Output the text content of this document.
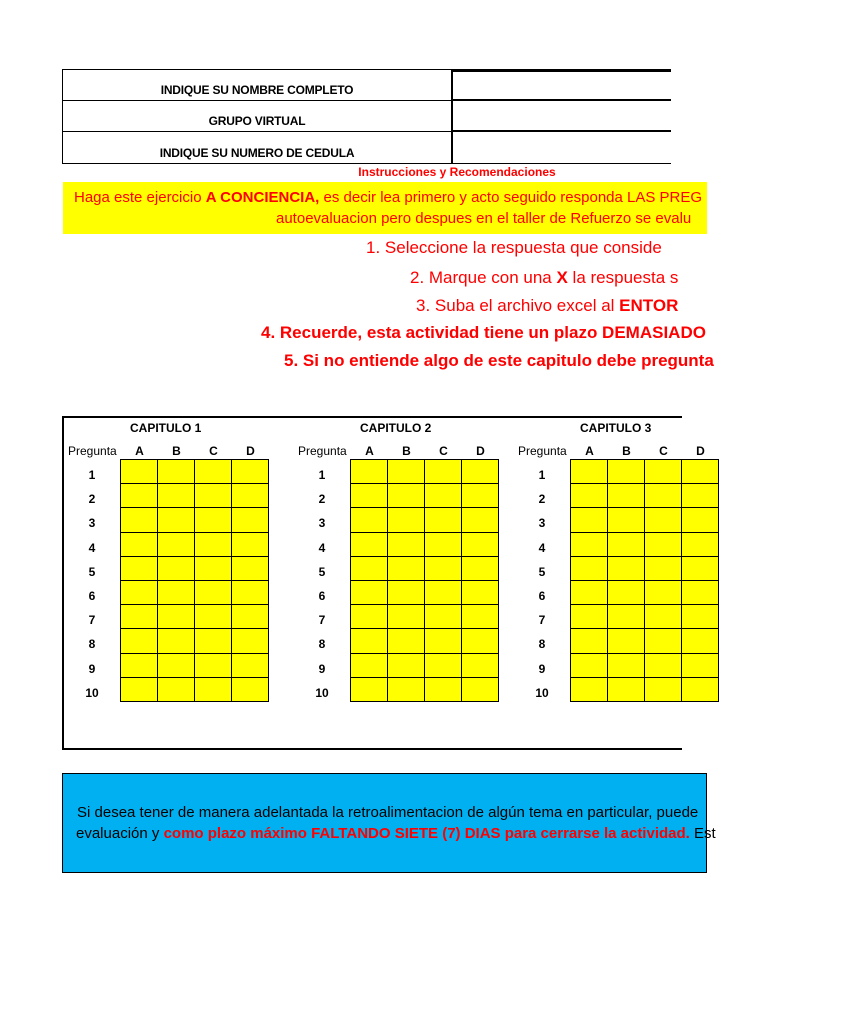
INDIQUE SU NOMBRE COMPLETO
GRUPO VIRTUAL
INDIQUE SU NUMERO DE CEDULA
Instrucciones y Recomendaciones
Haga este ejercicio A CONCIENCIA, es decir lea primero y acto seguido responda LAS PREG
autoevaluacion pero despues en el taller de Refuerzo se evalu
1. Seleccione la respuesta que conside
2. Marque con una X la respuesta s
3. Suba el archivo excel al ENTOR
4. Recuerde, esta actividad tiene un plazo DEMASIADO
5. Si no entiende algo de este capitulo debe pregunta
CAPITULO 1
Pregunta	A	B	C	D
1
2
3
4
5
6
7
8
9
10
CAPITULO 2
Pregunta	A	B	C	D
1
2
3
4
5
6
7
8
9
10
CAPITULO 3
Pregunta	A	B	C	D
1
2
3
4
5
6
7
8
9
10
Si desea tener de manera adelantada la retroalimentacion de algún tema en particular, puede
evaluación y como plazo máximo FALTANDO SIETE (7) DIAS para cerrarse la actividad. Est
